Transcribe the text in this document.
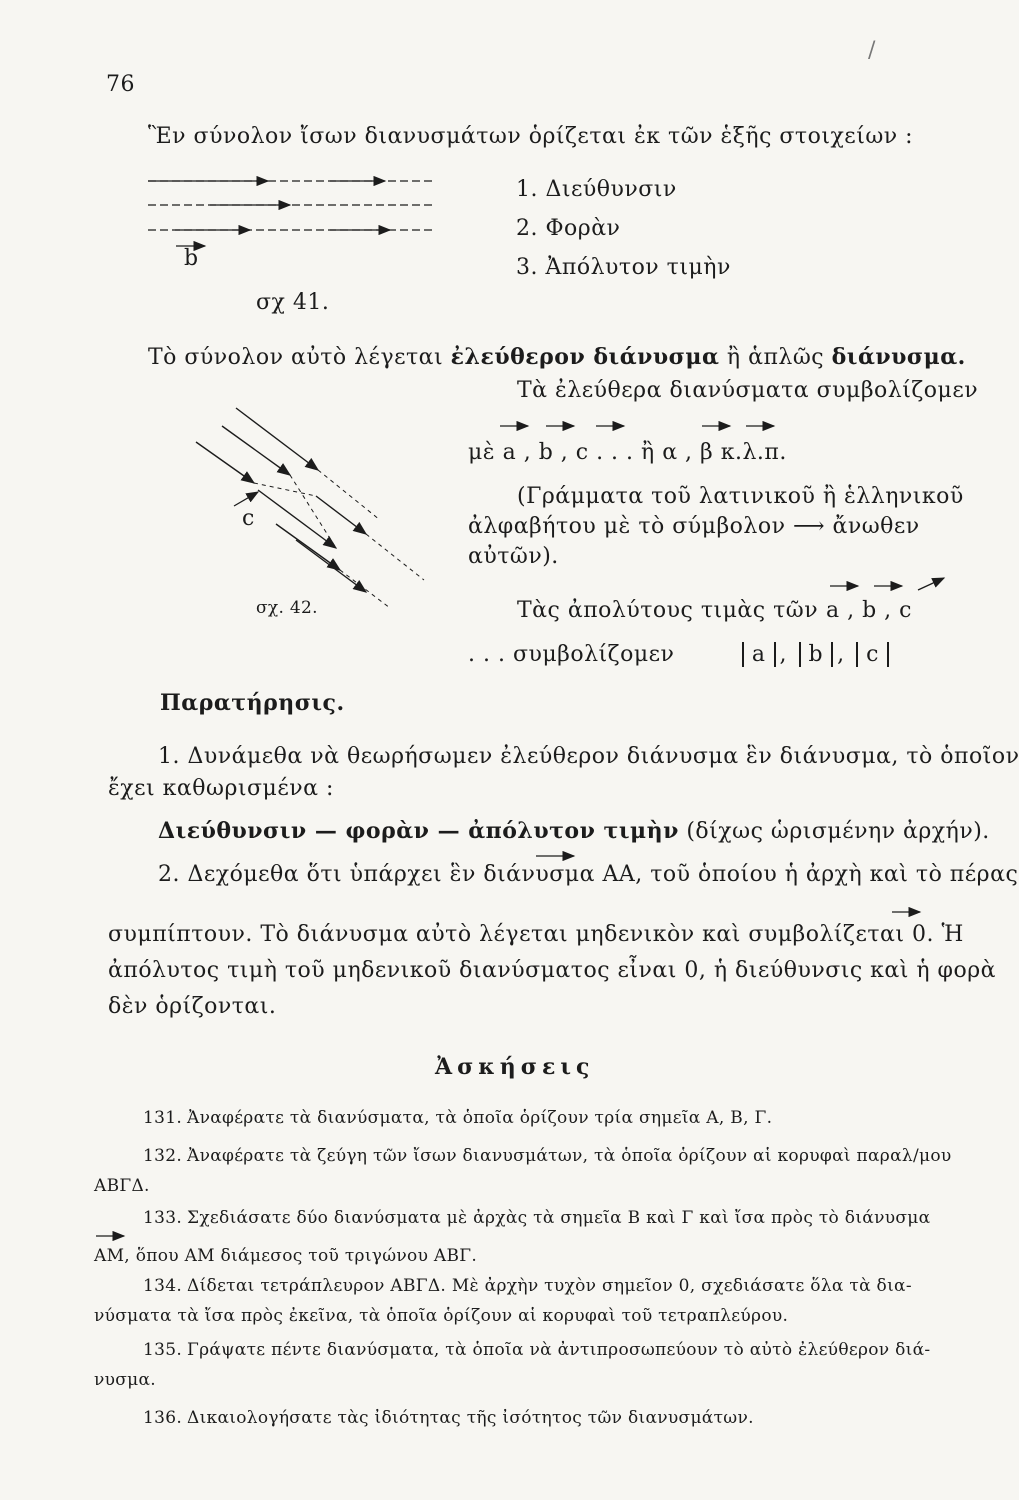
76
/
Ἓν σύνολον ἴσων διανυσμάτων ὁρίζεται ἐκ τῶν ἑξῆς στοιχείων :
b
σχ 41.
1. Διεύθυνσιν
2. Φορὰν
3. Ἀπόλυτον τιμὴν
Τὸ σύνολον αὐτὸ λέγεται ἐλεύθερον διάνυσμα ἢ ἁπλῶς διάνυσμα.
c
σχ. 42.
Τὰ ἐλεύθερα διανύσματα συμβολίζομεν
μὲ a , b , c . . . ἢ α , β κ.λ.π.
(Γράμματα τοῦ λατινικοῦ ἢ ἑλληνικοῦ
ἀλφαβήτου μὲ τὸ σύμβολον ⟶ ἄνωθεν
αὐτῶν).
Τὰς ἀπολύτους τιμὰς τῶν a , b , c
. . . συμβολίζομεν	a , b , c
Παρατήρησις.
1. Δυνάμεθα νὰ θεωρήσωμεν ἐλεύθερον διάνυσμα ἓν διάνυσμα, τὸ ὁποῖον
ἔχει καθωρισμένα :
Διεύθυνσιν — φορὰν — ἀπόλυτον τιμὴν (δίχως ὡρισμένην ἀρχήν).
2. Δεχόμεθα ὅτι ὑπάρχει ἓν διάνυσμα AA, τοῦ ὁποίου ἡ ἀρχὴ καὶ τὸ πέρας
συμπίπτουν. Τὸ διάνυσμα αὐτὸ λέγεται μηδενικὸν καὶ συμβολίζεται 0. Ἡ
ἀπόλυτος τιμὴ τοῦ μηδενικοῦ διανύσματος εἶναι 0, ἡ διεύθυνσις καὶ ἡ φορὰ
δὲν ὁρίζονται.
Ἀσκήσεις
131. Ἀναφέρατε τὰ διανύσματα, τὰ ὁποῖα ὁρίζουν τρία σημεῖα Α, Β, Γ.
132. Ἀναφέρατε τὰ ζεύγη τῶν ἴσων διανυσμάτων, τὰ ὁποῖα ὁρίζουν αἱ κορυφαὶ παραλ/μου
ΑΒΓΔ.
133. Σχεδιάσατε δύο διανύσματα μὲ ἀρχὰς τὰ σημεῖα Β καὶ Γ καὶ ἴσα πρὸς τὸ διάνυσμα
AM, ὅπου ΑΜ διάμεσος τοῦ τριγώνου ΑΒΓ.
134. Δίδεται τετράπλευρον ΑΒΓΔ. Μὲ ἀρχὴν τυχὸν σημεῖον 0, σχεδιάσατε ὅλα τὰ δια-
νύσματα τὰ ἴσα πρὸς ἐκεῖνα, τὰ ὁποῖα ὁρίζουν αἱ κορυφαὶ τοῦ τετραπλεύρου.
135. Γράψατε πέντε διανύσματα, τὰ ὁποῖα νὰ ἀντιπροσωπεύουν τὸ αὐτὸ ἐλεύθερον διά-
νυσμα.
136. Δικαιολογήσατε τὰς ἰδιότητας τῆς ἰσότητος τῶν διανυσμάτων.
